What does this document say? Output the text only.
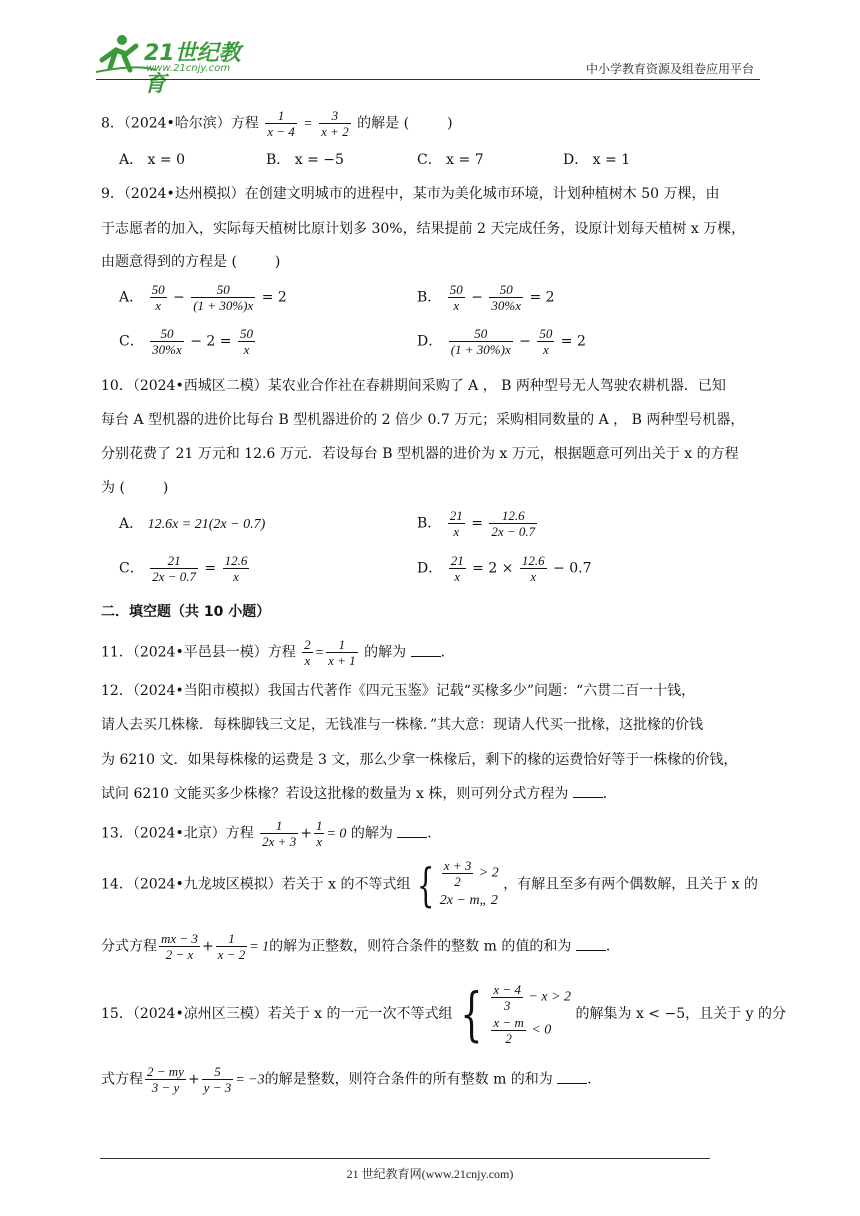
21世纪教育
www.21cnjy.com	中小学教育资源及组卷应用平台
8．（2024•哈尔滨）方程 $\frac{1}{x - 4} = \frac{3}{x + 2}$ 的解是 (	)
A． x = 0	B． x = −5	C． x = 7	D． x = 1
9．（2024•达州模拟）在创建文明城市的进程中，某市为美化城市环境，计划种植树木 50 万棵，由
于志愿者的加入，实际每天植树比原计划多 30%，结果提前 2 天完成任务，设原计划每天植树 x 万棵，
由题意得到的方程是 (	)
A． $\frac{50}{x} - \frac{50}{(1 + 30\%)x} = 2$	B． $\frac{50}{x} - \frac{50}{30\%x} = 2$
C． $\frac{50}{30\%x} - 2 = \frac{50}{x}$	D． $\frac{50}{(1 + 30\%)x} - \frac{50}{x} = 2$
10．（2024•西城区二模）某农业合作社在春耕期间采购了 A ， B 两种型号无人驾驶农耕机器．已知
每台 A 型机器的进价比每台 B 型机器进价的 2 倍少 0.7 万元；采购相同数量的 A ， B 两种型号机器，
分别花费了 21 万元和 12.6 万元．若设每台 B 型机器的进价为 x 万元，根据题意可列出关于 x 的方程
为 (	)
A． 12.6x = 21(2x − 0.7)	B． $\frac{21}{x} = \frac{12.6}{2x - 0.7}$
C． $\frac{21}{2x - 0.7} = \frac{12.6}{x}$	D． $\frac{21}{x} = 2 \times \frac{12.6}{x} - 0.7$
二．填空题（共 10 小题）
11．（2024•平邑县一模）方程 $\frac{2}{x} = \frac{1}{x + 1}$ 的解为 ．
12．（2024•当阳市模拟）我国古代著作《四元玉鉴》记载“买椽多少”问题：“六贯二百一十钱，
请人去买几株椽．每株脚钱三文足，无钱准与一株椽．”其大意：现请人代买一批椽，这批椽的价钱
为 6210 文．如果每株椽的运费是 3 文，那么少拿一株椽后，剩下的椽的运费恰好等于一株椽的价钱，
试问 6210 文能买多少株椽？若设这批椽的数量为 x 株，则可列分式方程为 ．
13．（2024•北京）方程 $\frac{1}{2x + 3} + \frac{1}{x} = 0$ 的解为 ．
14．（2024•九龙坡区模拟）若关于 x 的不等式组 { $\frac{x + 3}{2} > 2$
2x − m„ 2
，有解且至多有两个偶数解，且关于 x 的
分式方程 $\frac{mx - 3}{2 - x} + \frac{1}{x - 2} = 1$的解为正整数，则符合条件的整数 m 的值的和为 ．
15．（2024•凉州区三模）若关于 x 的一元一次不等式组 { $\frac{x - 4}{3} - x > 2$
$\frac{x - m}{2} < 0$
的解集为 x < −5，且关于 y 的分
式方程 $\frac{2 - my}{3 - y} + \frac{5}{y - 3} = -3$的解是整数，则符合条件的所有整数 m 的和为 ．
21 世纪教育网(www.21cnjy.com)
